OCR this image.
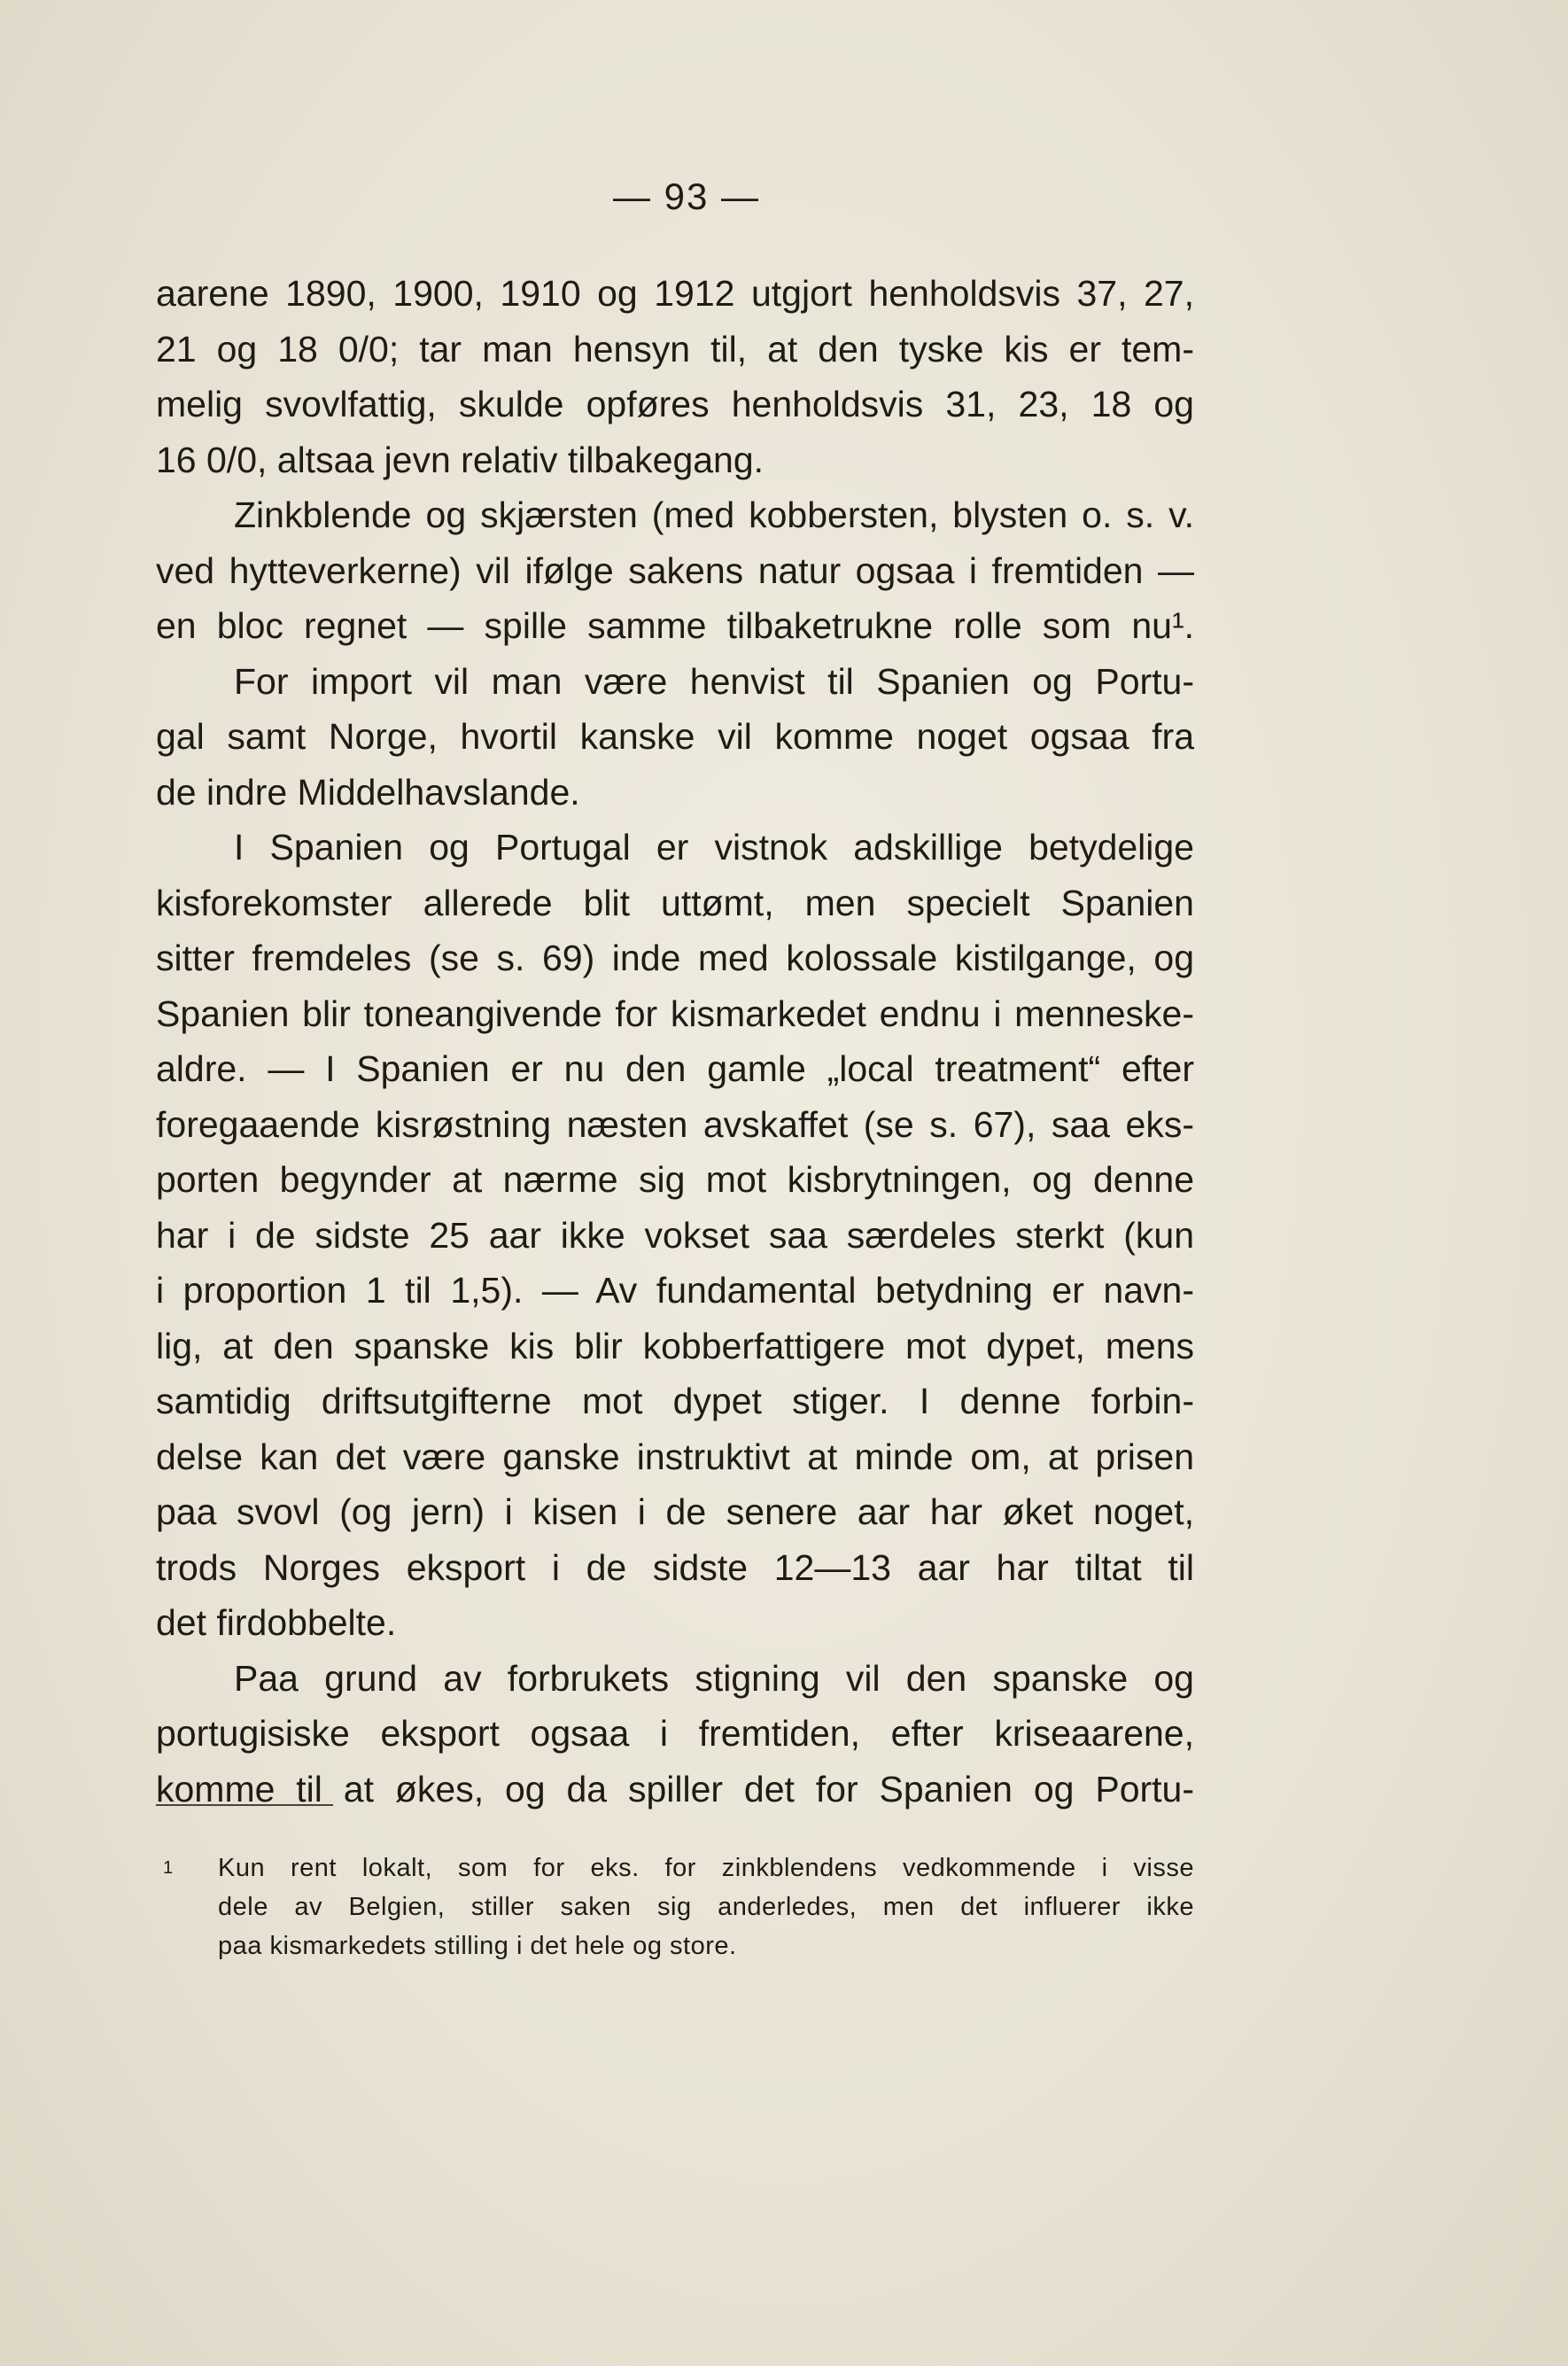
— 93 —
aarene 1890, 1900, 1910 og 1912 utgjort henholdsvis 37, 27,
21 og 18 0/0; tar man hensyn til, at den tyske kis er tem-
melig svovlfattig, skulde opføres henholdsvis 31, 23, 18 og
16 0/0, altsaa jevn relativ tilbakegang.
Zinkblende og skjærsten (med kobbersten, blysten o. s. v.
ved hytteverkerne) vil ifølge sakens natur ogsaa i fremtiden —
en bloc regnet — spille samme tilbaketrukne rolle som nu¹.
For import vil man være henvist til Spanien og Portu-
gal samt Norge, hvortil kanske vil komme noget ogsaa fra
de indre Middelhavslande.
I Spanien og Portugal er vistnok adskillige betydelige
kisforekomster allerede blit uttømt, men specielt Spanien
sitter fremdeles (se s. 69) inde med kolossale kistilgange, og
Spanien blir toneangivende for kismarkedet endnu i menneske-
aldre. — I Spanien er nu den gamle „local treatment“ efter
foregaaende kisrøstning næsten avskaffet (se s. 67), saa eks-
porten begynder at nærme sig mot kisbrytningen, og denne
har i de sidste 25 aar ikke vokset saa særdeles sterkt (kun
i proportion 1 til 1,5). — Av fundamental betydning er navn-
lig, at den spanske kis blir kobberfattigere mot dypet, mens
samtidig driftsutgifterne mot dypet stiger. I denne forbin-
delse kan det være ganske instruktivt at minde om, at prisen
paa svovl (og jern) i kisen i de senere aar har øket noget,
trods Norges eksport i de sidste 12—13 aar har tiltat til
det firdobbelte.
Paa grund av forbrukets stigning vil den spanske og
portugisiske eksport ogsaa i fremtiden, efter kriseaarene,
komme til at økes, og da spiller det for Spanien og Portu-
1	Kun rent lokalt, som for eks. for zinkblendens vedkommende i visse
dele av Belgien, stiller saken sig anderledes, men det influerer ikke
paa kismarkedets stilling i det hele og store.
